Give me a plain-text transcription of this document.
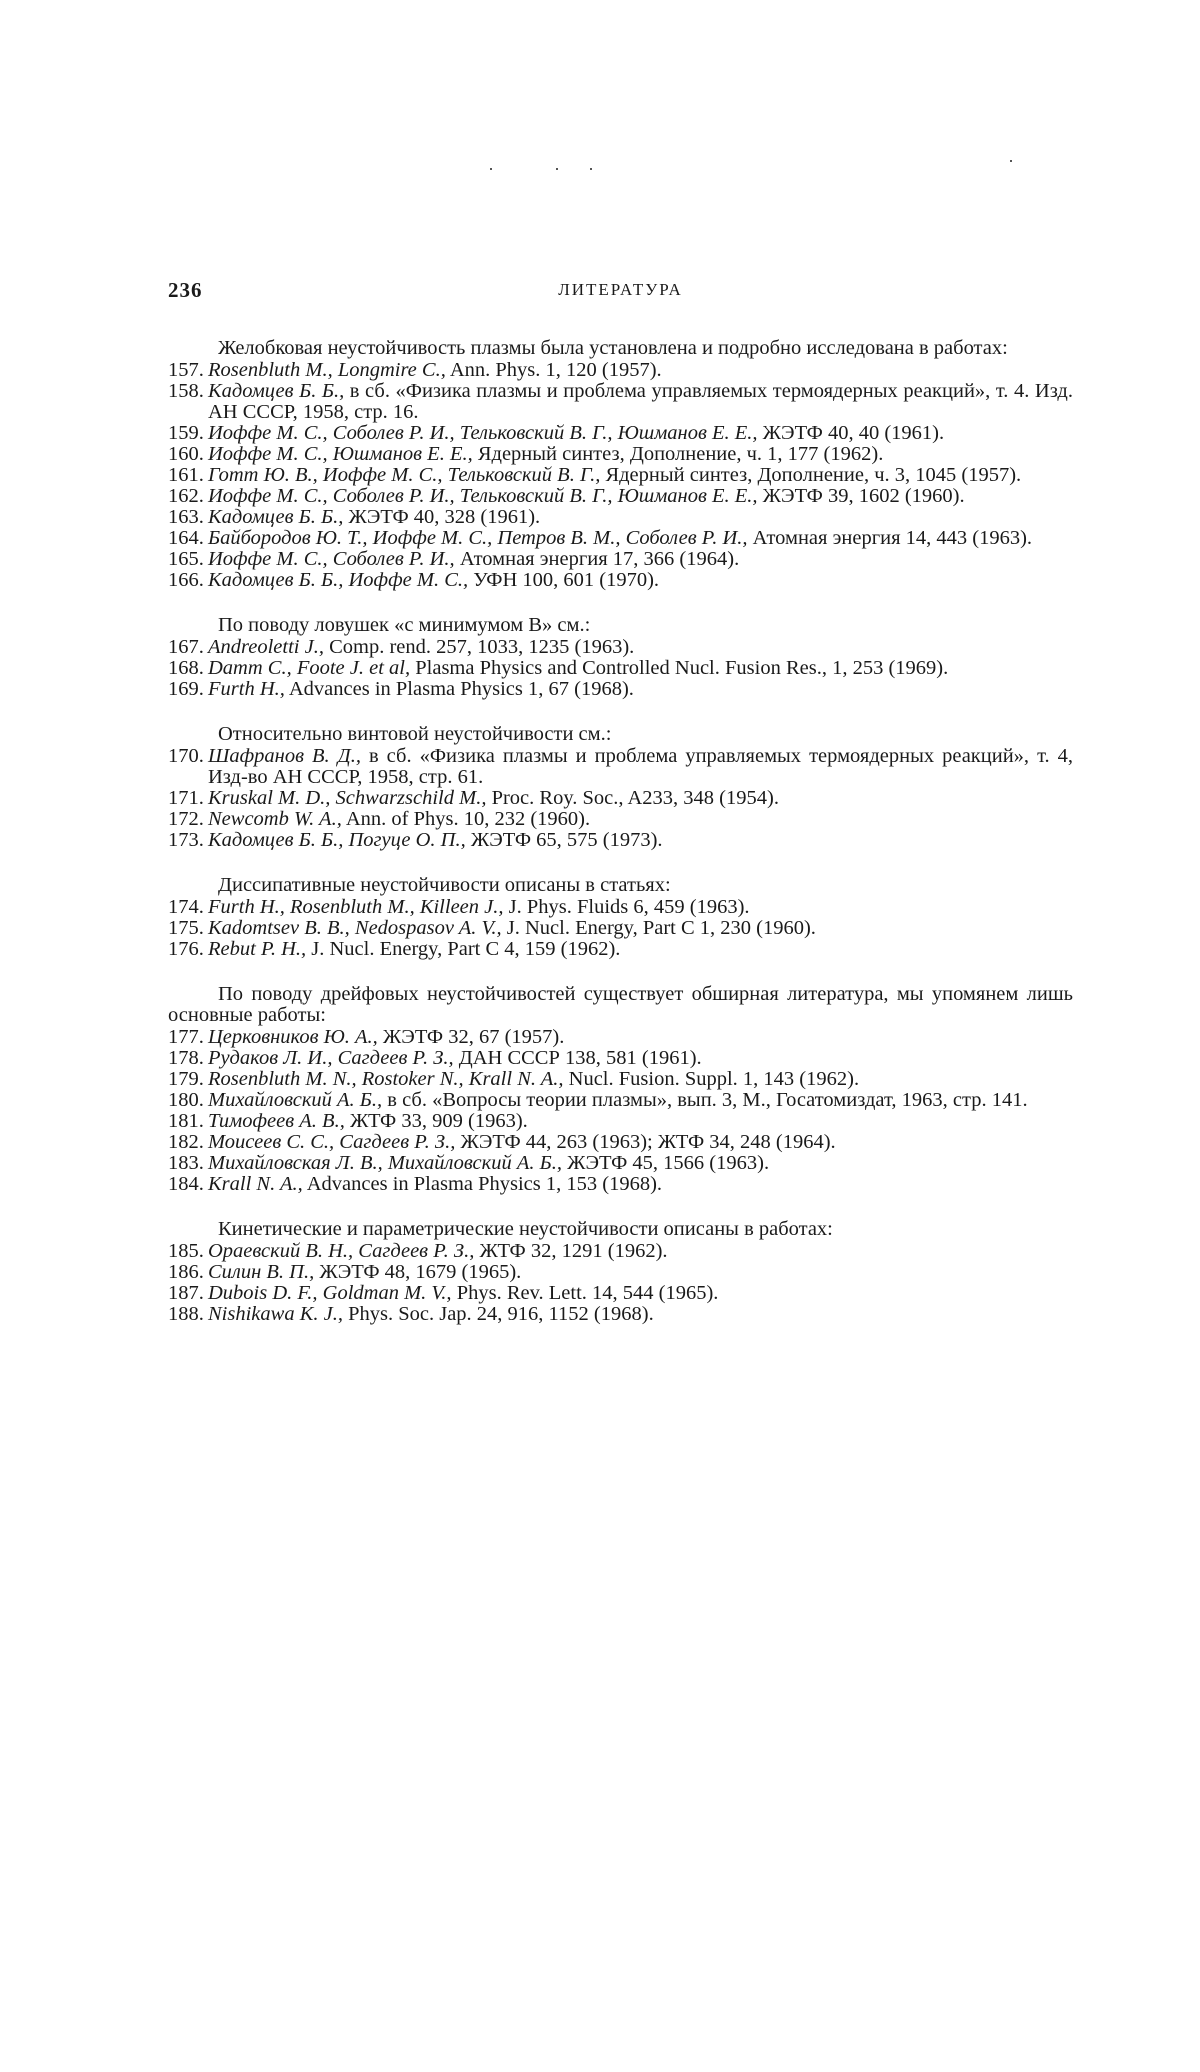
236	ЛИТЕРАТУРА

Желобковая неустойчивость плазмы была установлена и подробно исследована в работах:

157. Rosenbluth M., Longmire C., Ann. Phys. 1, 120 (1957).

158. Кадомцев Б. Б., в сб. «Физика плазмы и проблема управляемых термоядерных реакций», т. 4. Изд. АН СССР, 1958, стр. 16.

159. Иоффе М. С., Соболев Р. И., Тельковский В. Г., Юшманов Е. Е., ЖЭТФ 40, 40 (1961).

160. Иоффе М. С., Юшманов Е. Е., Ядерный синтез, Дополнение, ч. 1, 177 (1962).

161. Готт Ю. В., Иоффе М. С., Тельковский В. Г., Ядерный синтез, Дополнение, ч. 3, 1045 (1957).

162. Иоффе М. С., Соболев Р. И., Тельковский В. Г., Юшманов Е. Е., ЖЭТФ 39, 1602 (1960).

163. Кадомцев Б. Б., ЖЭТФ 40, 328 (1961).

164. Байбородов Ю. Т., Иоффе М. С., Петров В. М., Соболев Р. И., Атомная энергия 14, 443 (1963).

165. Иоффе М. С., Соболев Р. И., Атомная энергия 17, 366 (1964).

166. Кадомцев Б. Б., Иоффе М. С., УФН 100, 601 (1970).

По поводу ловушек «с минимумом B» см.:

167. Andreoletti J., Comp. rend. 257, 1033, 1235 (1963).

168. Damm C., Foote J. et al, Plasma Physics and Controlled Nucl. Fusion Res., 1, 253 (1969).

169. Furth H., Advances in Plasma Physics 1, 67 (1968).

Относительно винтовой неустойчивости см.:

170. Шафранов В. Д., в сб. «Физика плазмы и проблема управляемых термоядерных реакций», т. 4, Изд-во АН СССР, 1958, стр. 61.

171. Kruskal M. D., Schwarzschild M., Proc. Roy. Soc., A233, 348 (1954).

172. Newcomb W. A., Ann. of Phys. 10, 232 (1960).

173. Кадомцев Б. Б., Погуце О. П., ЖЭТФ 65, 575 (1973).

Диссипативные неустойчивости описаны в статьях:

174. Furth H., Rosenbluth M., Killeen J., J. Phys. Fluids 6, 459 (1963).

175. Kadomtsev B. B., Nedospasov A. V., J. Nucl. Energy, Part C 1, 230 (1960).

176. Rebut P. H., J. Nucl. Energy, Part C 4, 159 (1962).

По поводу дрейфовых неустойчивостей существует обширная литература, мы упомянем лишь основные работы:

177. Церковников Ю. А., ЖЭТФ 32, 67 (1957).

178. Рудаков Л. И., Сагдеев Р. З., ДАН СССР 138, 581 (1961).

179. Rosenbluth M. N., Rostoker N., Krall N. A., Nucl. Fusion. Suppl. 1, 143 (1962).

180. Михайловский А. Б., в сб. «Вопросы теории плазмы», вып. 3, М., Госатомиздат, 1963, стр. 141.

181. Тимофеев А. В., ЖТФ 33, 909 (1963).

182. Моисеев С. С., Сагдеев Р. З., ЖЭТФ 44, 263 (1963); ЖТФ 34, 248 (1964).

183. Михайловская Л. В., Михайловский А. Б., ЖЭТФ 45, 1566 (1963).

184. Krall N. A., Advances in Plasma Physics 1, 153 (1968).

Кинетические и параметрические неустойчивости описаны в работах:

185. Ораевский В. Н., Сагдеев Р. З., ЖТФ 32, 1291 (1962).

186. Силин В. П., ЖЭТФ 48, 1679 (1965).

187. Dubois D. F., Goldman M. V., Phys. Rev. Lett. 14, 544 (1965).

188. Nishikawa K. J., Phys. Soc. Jap. 24, 916, 1152 (1968).
